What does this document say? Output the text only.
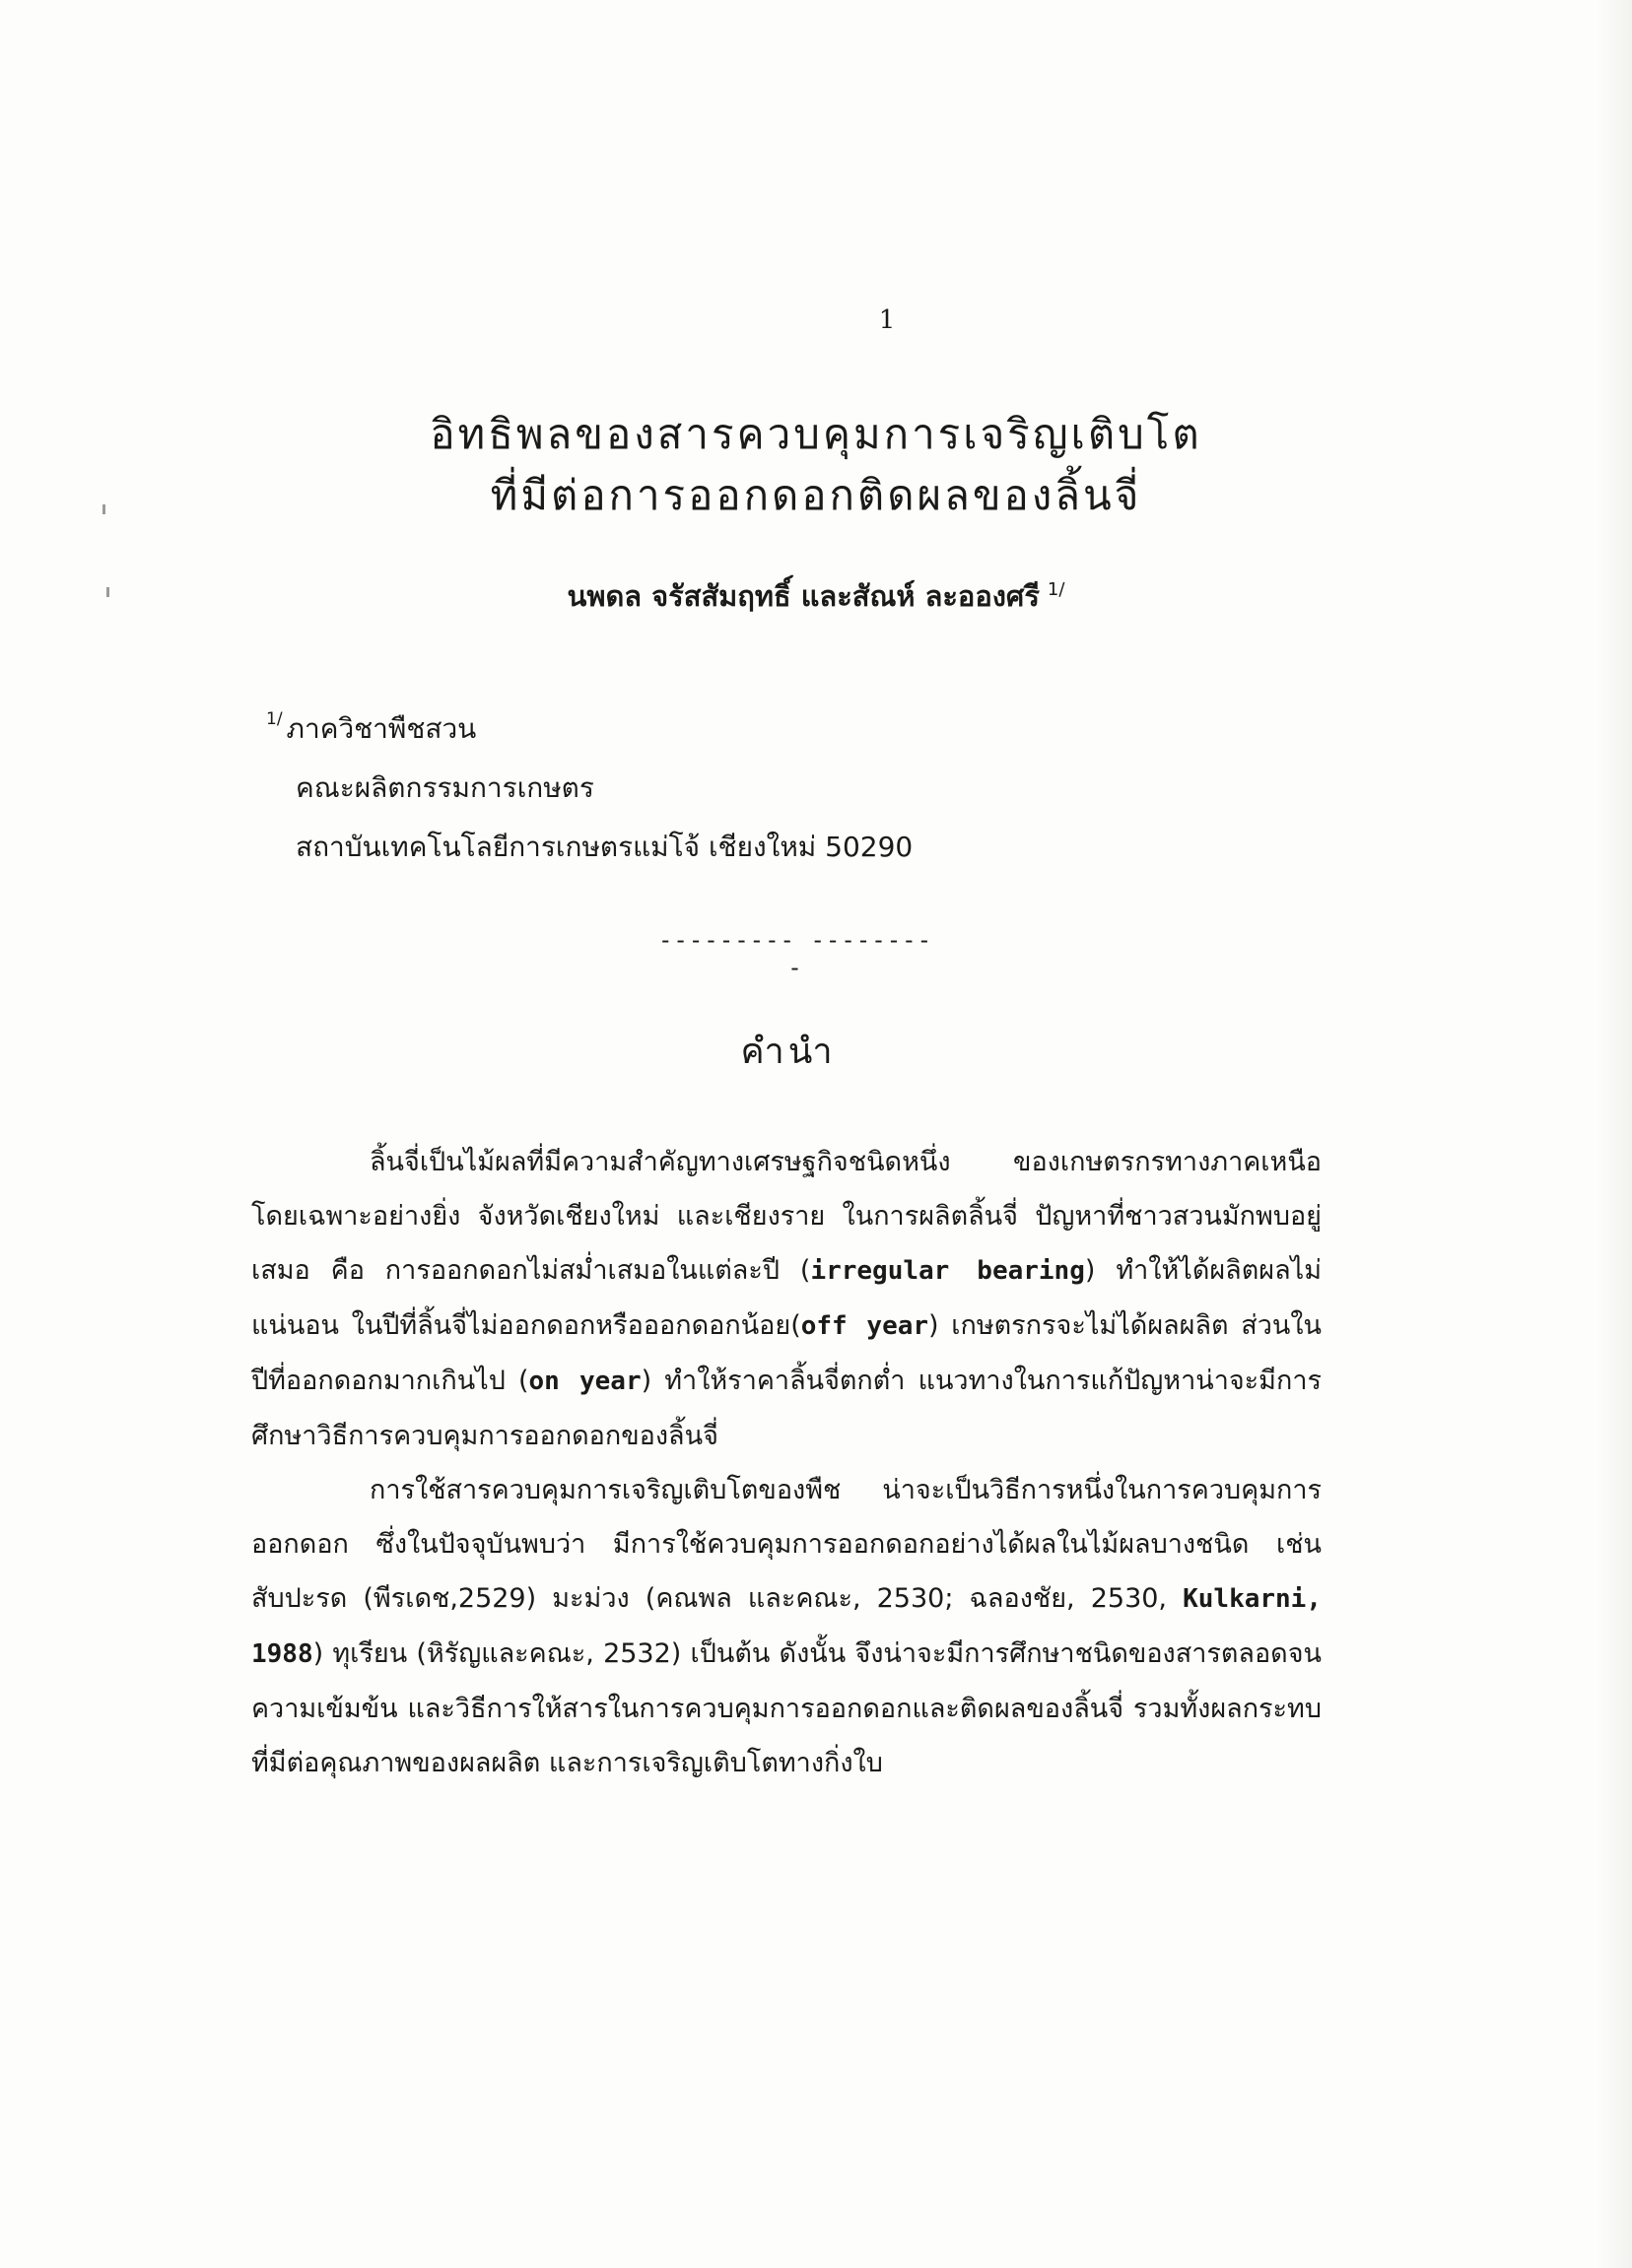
1
อิทธิพลของสารควบคุมการเจริญเติบโต
ที่มีต่อการออกดอกติดผลของลิ้นจี่
นพดล จรัสสัมฤทธิ์ และสัณห์ ละอองศรี $^{1/}$
$^{1/}$ ภาควิชาพืชสวน
คณะผลิตกรรมการเกษตร
สถาบันเทคโนโลยีการเกษตรแม่โจ้ เชียงใหม่ 50290
--------- ---------
คำนำ

ลิ้นจี่เป็นไม้ผลที่มีความสำคัญทางเศรษฐกิจชนิดหนึ่ง ของเกษตรกรทางภาคเหนือ โดยเฉพาะอย่างยิ่ง จังหวัดเชียงใหม่ และเชียงราย ในการผลิตลิ้นจี่ ปัญหาที่ชาวสวนมักพบอยู่เสมอ คือ การออกดอกไม่สม่ำเสมอในแต่ละปี (irregular bearing) ทำให้ได้ผลิตผลไม่แน่นอน ในปีที่ลิ้นจี่ไม่ออกดอกหรือออกดอกน้อย(off year) เกษตรกรจะไม่ได้ผลผลิต ส่วนในปีที่ออกดอกมากเกินไป (on year) ทำให้ราคาลิ้นจี่ตกต่ำ แนวทางในการแก้ปัญหาน่าจะมีการศึกษาวิธีการควบคุมการออกดอกของลิ้นจี่

การใช้สารควบคุมการเจริญเติบโตของพืช น่าจะเป็นวิธีการหนึ่งในการควบคุมการออกดอก ซึ่งในปัจจุบันพบว่า มีการใช้ควบคุมการออกดอกอย่างได้ผลในไม้ผลบางชนิด เช่น สับปะรด (พีรเดช,2529) มะม่วง (คณพล และคณะ, 2530; ฉลองชัย, 2530, Kulkarni, 1988) ทุเรียน (หิรัญและคณะ, 2532) เป็นต้น ดังนั้น จึงน่าจะมีการศึกษาชนิดของสารตลอดจนความเข้มข้น และวิธีการให้สารในการควบคุมการออกดอกและติดผลของลิ้นจี่ รวมทั้งผลกระทบที่มีต่อคุณภาพของผลผลิต และการเจริญเติบโตทางกิ่งใบ
